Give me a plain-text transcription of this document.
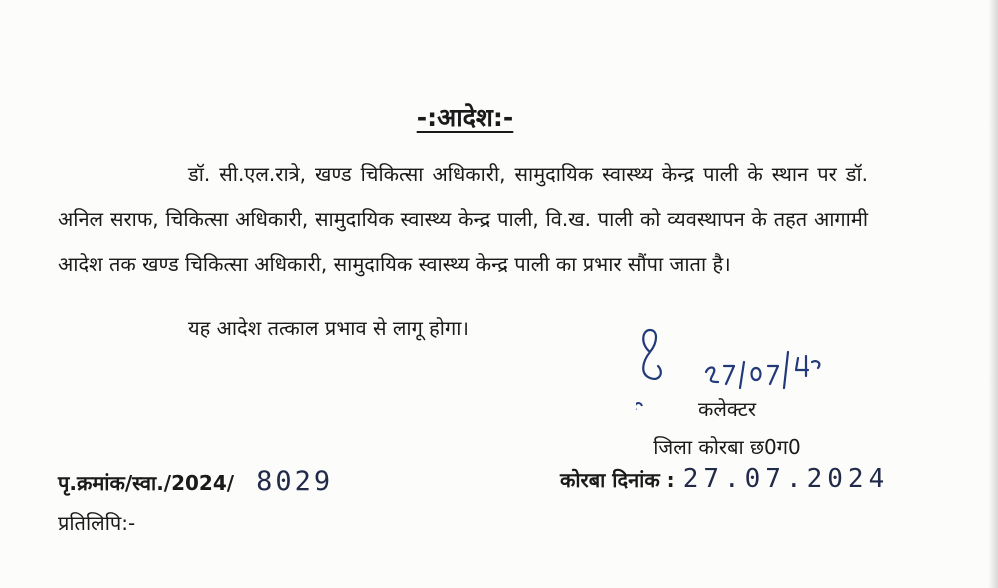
-:आदेश:-

डॉ. सी.एल.रात्रे, खण्ड चिकित्सा अधिकारी, सामुदायिक स्वास्थ्य केन्द्र पाली के स्थान पर डॉ. अनिल सराफ, चिकित्सा अधिकारी, सामुदायिक स्वास्थ्य केन्द्र पाली, वि.ख. पाली को व्यवस्थापन के तहत आगामी आदेश तक खण्ड चिकित्सा अधिकारी, सामुदायिक स्वास्थ्य केन्द्र पाली का प्रभार सौंपा जाता है।

यह आदेश तत्काल प्रभाव से लागू होगा।

कलेक्टर
जिला कोरबा छ0ग0
पृ.क्रमांक/स्वा./2024/ 8029	कोरबा दिनांक : 27.07.2024
प्रतिलिपि:-
